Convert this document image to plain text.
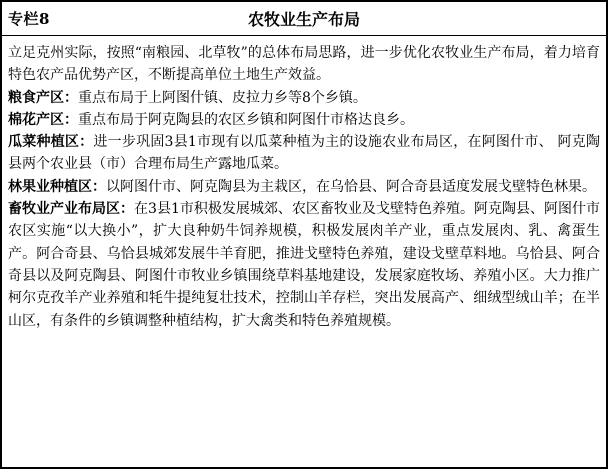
专栏8	农牧业生产布局

立足克州实际，按照“南粮园、北草牧”的总体布局思路，进一步优化农牧业生产布局，着力培育特色农产品优势产区，不断提高单位土地生产效益。

粮食产区：重点布局于上阿图什镇、皮拉力乡等8个乡镇。

棉花产区：重点布局于阿克陶县的农区乡镇和阿图什市格达良乡。

瓜菜种植区：进一步巩固3县1市现有以瓜菜种植为主的设施农业布局区，在阿图什市、 阿克陶县两个农业县（市）合理布局生产露地瓜菜。

林果业种植区：以阿图什市、阿克陶县为主栽区，在乌恰县、阿合奇县适度发展戈壁特色林果。

畜牧业产业布局区：在3县1市积极发展城郊、农区畜牧业及戈壁特色养殖。阿克陶县、阿图什市农区实施“以大换小”，扩大良种奶牛饲养规模，积极发展肉羊产业，重点发展肉、乳、禽蛋生产。阿合奇县、乌恰县城郊发展牛羊育肥，推进戈壁特色养殖，建设戈壁草料地。乌恰县、阿合奇县以及阿克陶县、阿图什市牧业乡镇围绕草料基地建设，发展家庭牧场、养殖小区。大力推广柯尔克孜羊产业养殖和牦牛提纯复壮技术，控制山羊存栏，突出发展高产、细绒型绒山羊；在半山区，有条件的乡镇调整种植结构，扩大禽类和特色养殖规模。
